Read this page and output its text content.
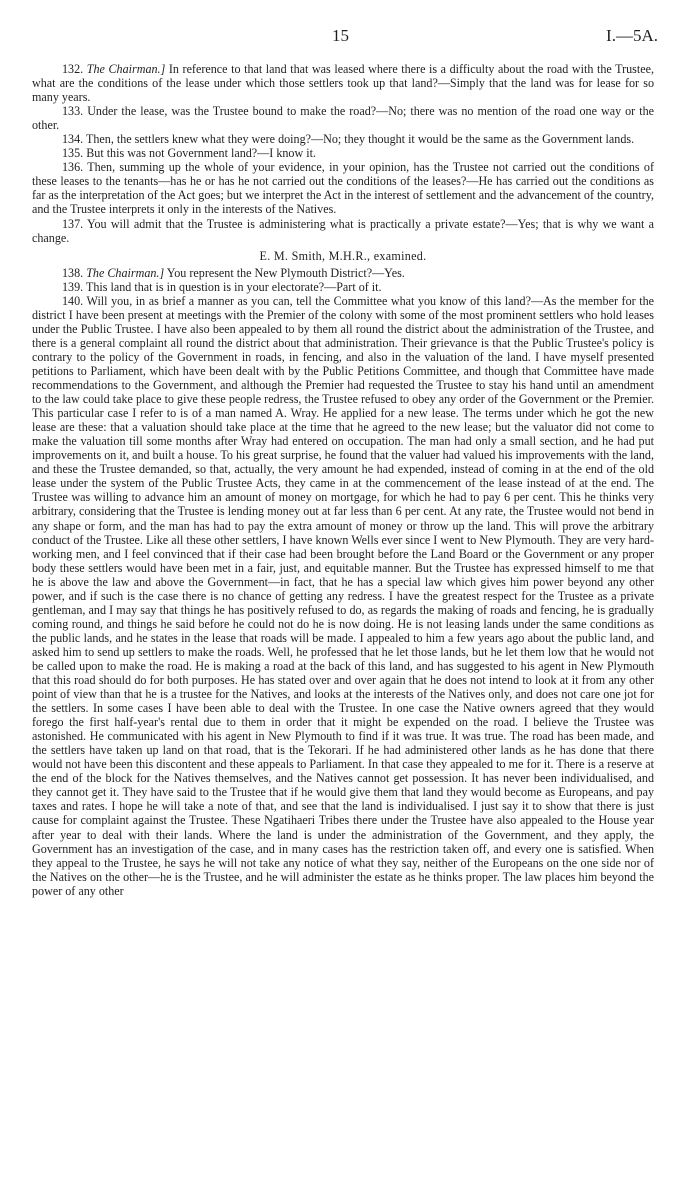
15	I.—5A.

132. The Chairman.] In reference to that land that was leased where there is a difficulty about the road with the Trustee, what are the conditions of the lease under which those settlers took up that land?—Simply that the land was for lease for so many years.

133. Under the lease, was the Trustee bound to make the road?—No; there was no mention of the road one way or the other.

134. Then, the settlers knew what they were doing?—No; they thought it would be the same as the Government lands.

135. But this was not Government land?—I know it.

136. Then, summing up the whole of your evidence, in your opinion, has the Trustee not carried out the conditions of these leases to the tenants—has he or has he not carried out the conditions of the leases?—He has carried out the conditions as far as the interpretation of the Act goes; but we interpret the Act in the interest of settlement and the advancement of the country, and the Trustee interprets it only in the interests of the Natives.

137. You will admit that the Trustee is administering what is practically a private estate?—Yes; that is why we want a change.

E. M. Smith, M.H.R., examined.

138. The Chairman.] You represent the New Plymouth District?—Yes.

139. This land that is in question is in your electorate?—Part of it.

140. Will you, in as brief a manner as you can, tell the Committee what you know of this land?—As the member for the district I have been present at meetings with the Premier of the colony with some of the most prominent settlers who hold leases under the Public Trustee. I have also been appealed to by them all round the district about the administration of the Trustee, and there is a general complaint all round the district about that administration. Their grievance is that the Public Trustee's policy is contrary to the policy of the Government in roads, in fencing, and also in the valuation of the land. I have myself presented petitions to Parliament, which have been dealt with by the Public Petitions Committee, and though that Committee have made recommendations to the Government, and although the Premier had requested the Trustee to stay his hand until an amendment to the law could take place to give these people redress, the Trustee refused to obey any order of the Government or the Premier. This particular case I refer to is of a man named A. Wray. He applied for a new lease. The terms under which he got the new lease are these: that a valuation should take place at the time that he agreed to the new lease; but the valuator did not come to make the valuation till some months after Wray had entered on occupation. The man had only a small section, and he had put improvements on it, and built a house. To his great surprise, he found that the valuer had valued his improvements with the land, and these the Trustee demanded, so that, actually, the very amount he had expended, instead of coming in at the end of the old lease under the system of the Public Trustee Acts, they came in at the commencement of the lease instead of at the end. The Trustee was willing to advance him an amount of money on mortgage, for which he had to pay 6 per cent. This he thinks very arbitrary, considering that the Trustee is lending money out at far less than 6 per cent. At any rate, the Trustee would not bend in any shape or form, and the man has had to pay the extra amount of money or throw up the land. This will prove the arbitrary conduct of the Trustee. Like all these other settlers, I have known Wells ever since I went to New Plymouth. They are very hard-working men, and I feel convinced that if their case had been brought before the Land Board or the Government or any proper body these settlers would have been met in a fair, just, and equitable manner. But the Trustee has expressed himself to me that he is above the law and above the Government—in fact, that he has a special law which gives him power beyond any other power, and if such is the case there is no chance of getting any redress. I have the greatest respect for the Trustee as a private gentleman, and I may say that things he has positively refused to do, as regards the making of roads and fencing, he is gradually coming round, and things he said before he could not do he is now doing. He is not leasing lands under the same conditions as the public lands, and he states in the lease that roads will be made. I appealed to him a few years ago about the public land, and asked him to send up settlers to make the roads. Well, he professed that he let those lands, but he let them low that he would not be called upon to make the road. He is making a road at the back of this land, and has suggested to his agent in New Plymouth that this road should do for both purposes. He has stated over and over again that he does not intend to look at it from any other point of view than that he is a trustee for the Natives, and looks at the interests of the Natives only, and does not care one jot for the settlers. In some cases I have been able to deal with the Trustee. In one case the Native owners agreed that they would forego the first half-year's rental due to them in order that it might be expended on the road. I believe the Trustee was astonished. He communicated with his agent in New Plymouth to find if it was true. It was true. The road has been made, and the settlers have taken up land on that road, that is the Tekorari. If he had administered other lands as he has done that there would not have been this discontent and these appeals to Parliament. In that case they appealed to me for it. There is a reserve at the end of the block for the Natives themselves, and the Natives cannot get possession. It has never been individualised, and they cannot get it. They have said to the Trustee that if he would give them that land they would become as Europeans, and pay taxes and rates. I hope he will take a note of that, and see that the land is individualised. I just say it to show that there is just cause for complaint against the Trustee. These Ngatihaeri Tribes there under the Trustee have also appealed to the House year after year to deal with their lands. Where the land is under the administration of the Government, and they apply, the Government has an investigation of the case, and in many cases has the restriction taken off, and every one is satisfied. When they appeal to the Trustee, he says he will not take any notice of what they say, neither of the Europeans on the one side nor of the Natives on the other—he is the Trustee, and he will administer the estate as he thinks proper. The law places him beyond the power of any other
